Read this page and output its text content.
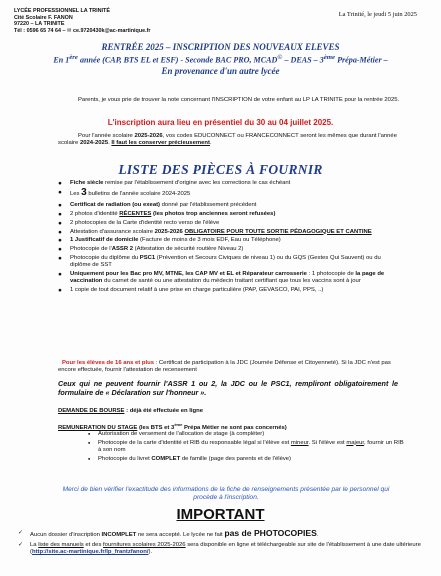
LYCÉE PROFESSIONNEL LA TRINITÉ
Cité Scolaire F. FANON
97220 – LA TRINITE
Tél : 0596 65 74 64 – ✉ ce.9720430k@ac-martinique.fr
La Trinité, le jeudi 5 juin 2025
RENTRÉE 2025 – INSCRIPTION DES NOUVEAUX ELEVES
En 1ère année (CAP, BTS EL et ESF) - Seconde BAC PRO, MCAD© – DEAS – 3ème Prépa-Métier –
En provenance d'un autre lycée
Parents, je vous prie de trouver la note concernant l'INSCRIPTION de votre enfant au LP LA TRINITE pour la rentrée 2025.
L'inscription aura lieu en présentiel du 30 au 04 juillet 2025.
Pour l'année scolaire 2025-2026, vos codes EDUCONNECT ou FRANCECONNECT seront les mêmes que durant l'année scolaire 2024-2025. Il faut les conserver précieusement.
LISTE DES PIÈCES À FOURNIR
● Fiche siècle remise par l'établissement d'origine avec les corrections le cas échéant
● Les 3 bulletins de l'année scolaire 2024-2025
● Certificat de radiation (ou exeat) donné par l'établissement précédent
● 2 photos d'identité RÉCENTES (les photos trop anciennes seront refusées)
● 2 photocopies de la Carte d'identité recto verso de l'élève
● Attestation d'assurance scolaire 2025-2026 OBLIGATOIRE POUR TOUTE SORTIE PÉDAGOGIQUE ET CANTINE
● 1 Justificatif de domicile (Facture de moins de 3 mois EDF, Eau ou Téléphone)
● Photocopie de l'ASSR 2 (Attestation de sécurité routière Niveau 2)
● Photocopie du diplôme du PSC1 (Prévention et Secours Civiques de niveau 1) ou du GQS (Gestes Qui Sauvent) ou du diplôme de SST
● Uniquement pour les Bac pro MV, MTNE, les CAP MV et EL et Réparateur carrosserie : 1 photocopie de la page de vaccination du carnet de santé ou une attestation du médecin traitant certifiant que tous les vaccins sont à jour
● 1 copie de tout document relatif à une prise en charge particulière (PAP, GEVASCO, PAI, PPS, ..)
Pour les élèves de 16 ans et plus : Certificat de participation à la JDC (Journée Défense et Citoyenneté). Si la JDC n'est pas encore effectuée, fournir l'attestation de recensement
Ceux qui ne peuvent fournir l'ASSR 1 ou 2, la JDC ou le PSC1, rempliront obligatoirement le formulaire de « Déclaration sur l'honneur ».
DEMANDE DE BOURSE : déjà été effectuée en ligne
REMUNERATION DU STAGE (les BTS et 3ème Prépa Métier ne sont pas concernés)
▪ Autorisation de versement de l'allocation de stage (à compléter)
▪ Photocopie de la carte d'identité et RIB du responsable légal si l'élève est mineur. Si l'élève est majeur, fournir un RIB à son nom
▪ Photocopie du livret COMPLET de famille (page des parents et de l'élève)
Merci de bien vérifier l'exactitude des informations de la fiche de renseignements présentée par le personnel qui procède à l'inscription.
IMPORTANT
✓ Aucun dossier d'inscription INCOMPLET ne sera accepté. Le lycée ne fait pas de PHOTOCOPIES.
✓ La liste des manuels et des fournitures scolaires 2025-2026 sera disponible en ligne et téléchargeable sur site de l'établissement à une date ultérieure (http://site.ac-martinique.fr/lp_frantzfanon/).
